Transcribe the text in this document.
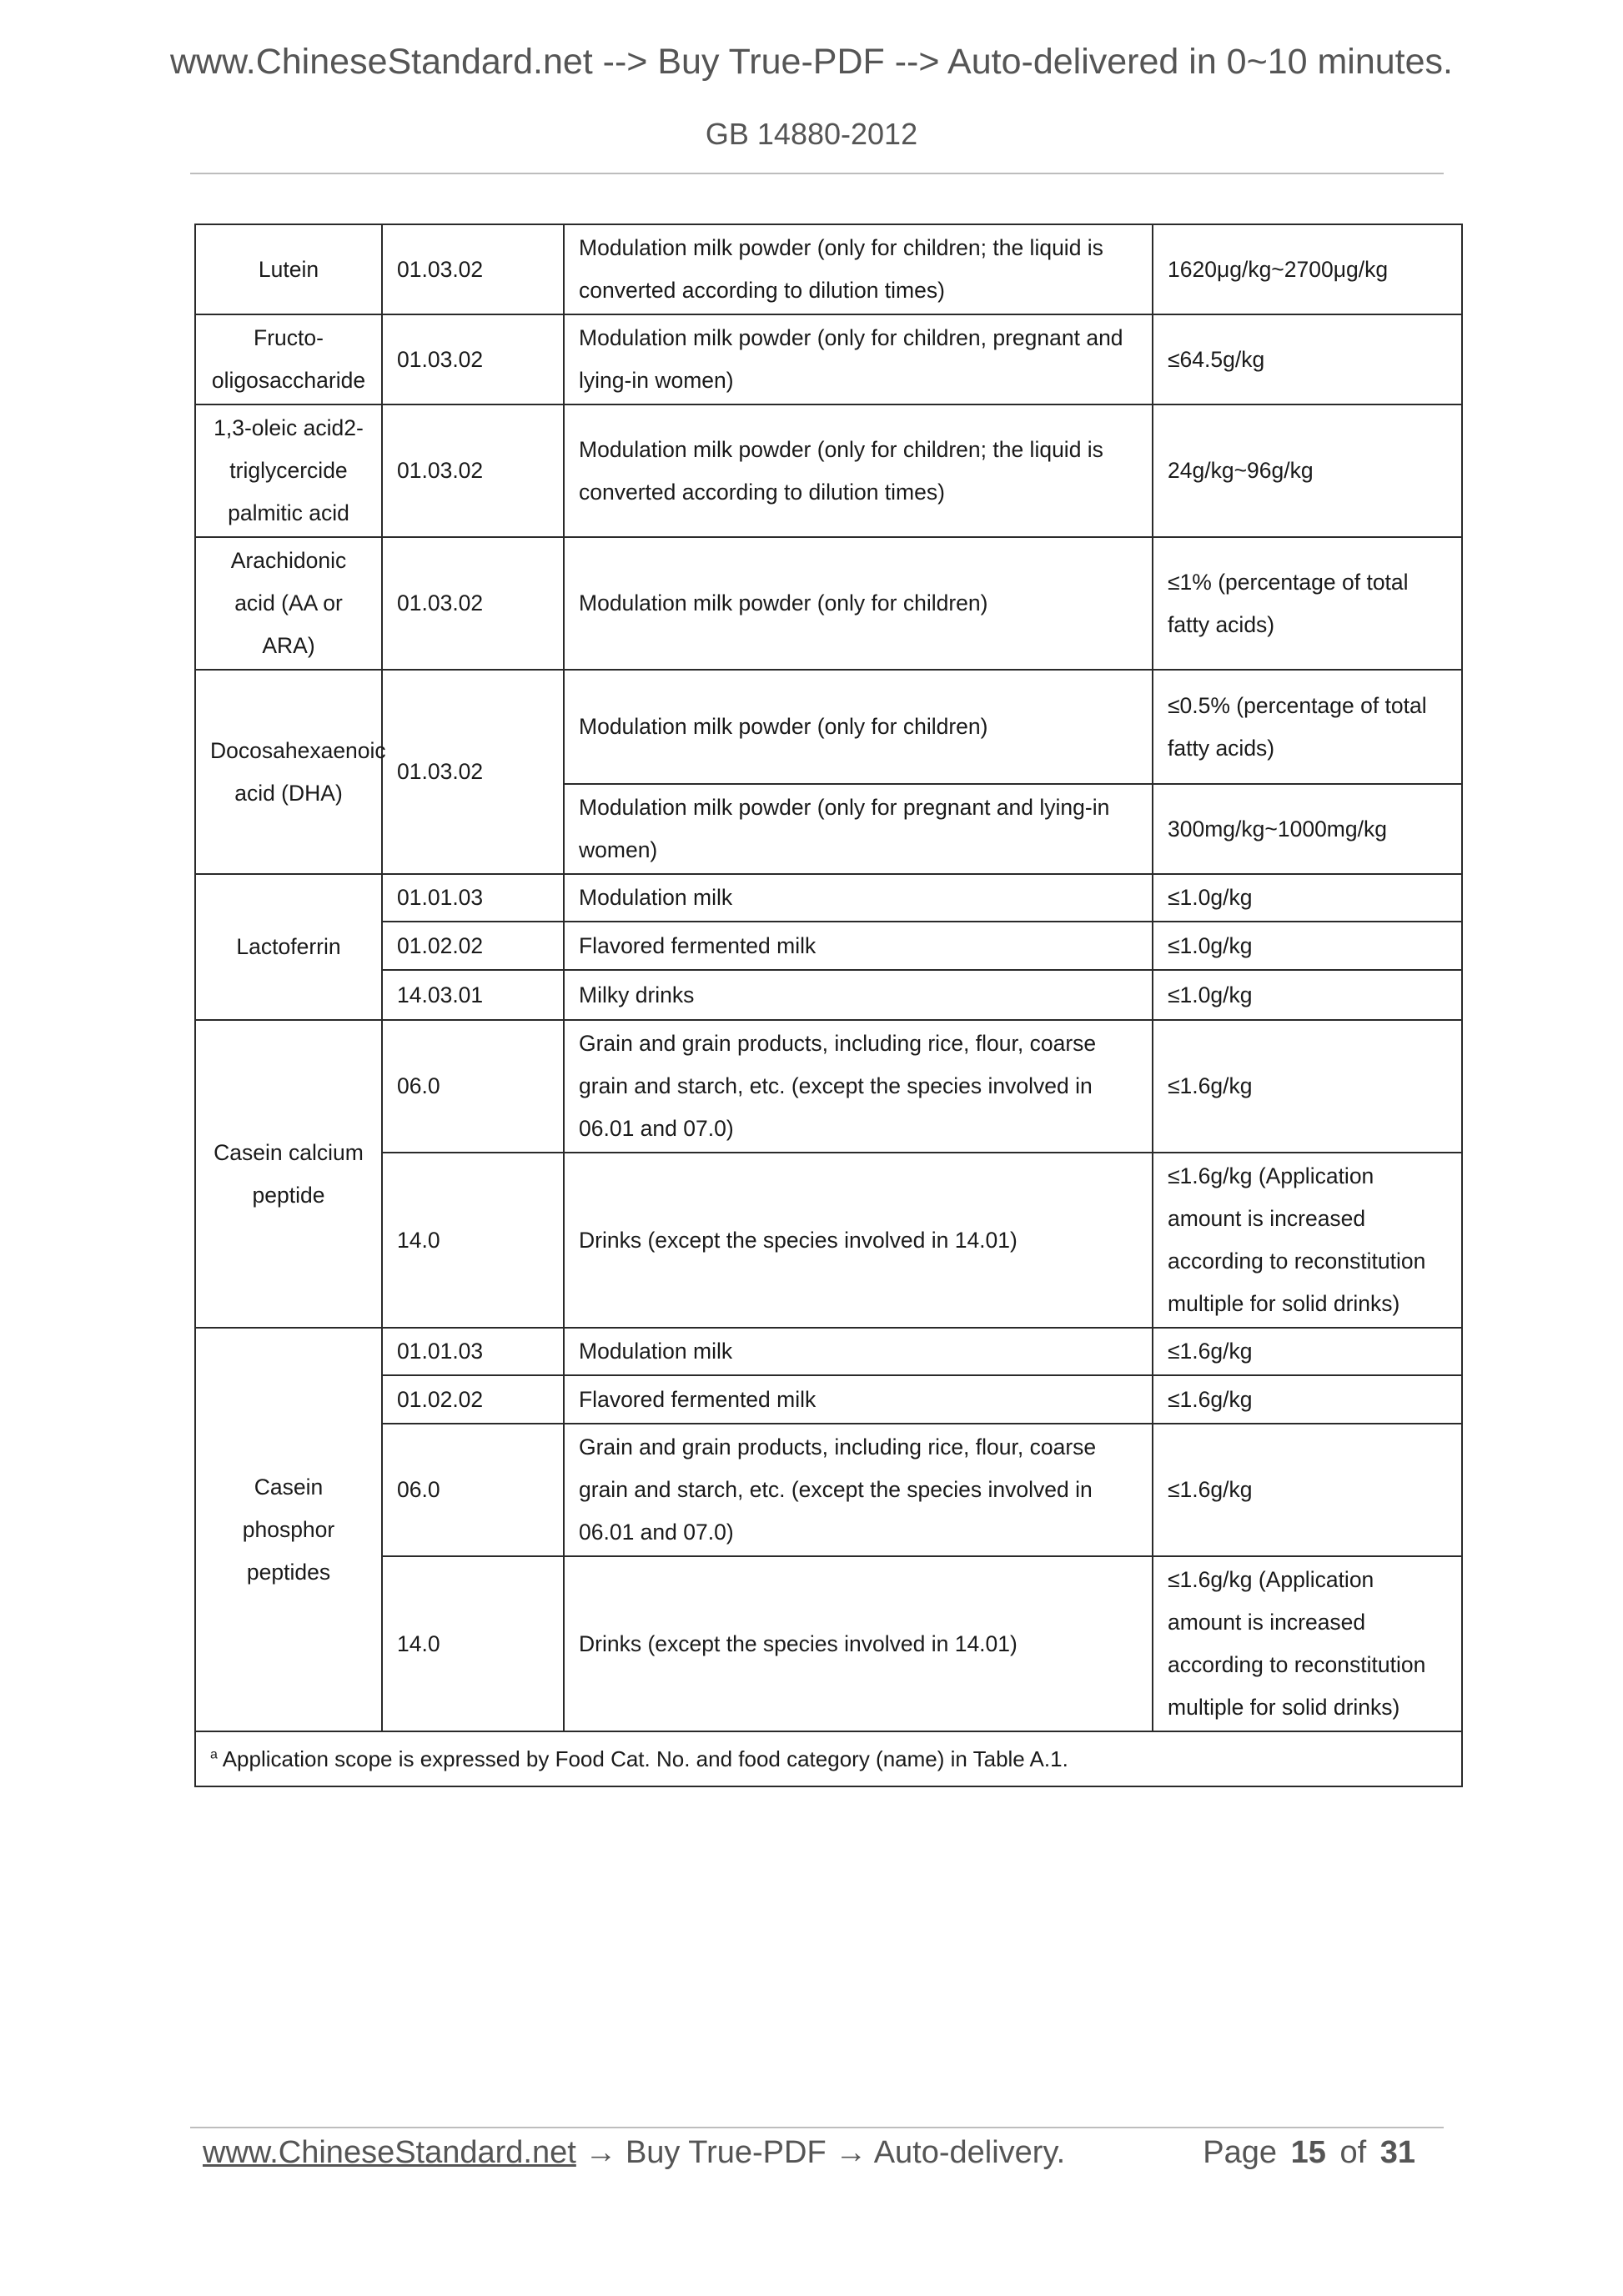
www.ChineseStandard.net --> Buy True-PDF --> Auto-delivered in 0~10 minutes.
GB 14880-2012
Lutein	01.03.02	Modulation milk powder (only for children; the liquid is converted according to dilution times)	1620μg/kg~2700μg/kg
Fructo-oligosaccharide	01.03.02	Modulation milk powder (only for children, pregnant and lying-in women)	≤64.5g/kg
1,3-oleic acid2-triglycercide palmitic acid	01.03.02	Modulation milk powder (only for children; the liquid is converted according to dilution times)	24g/kg~96g/kg
Arachidonic acid (AA or ARA)	01.03.02	Modulation milk powder (only for children)	≤1% (percentage of total fatty acids)
Docosahexaenoic acid (DHA)	01.03.02	Modulation milk powder (only for children)	≤0.5% (percentage of total fatty acids)
		Modulation milk powder (only for pregnant and lying-in women)	300mg/kg~1000mg/kg
Lactoferrin	01.01.03	Modulation milk	≤1.0g/kg
	01.02.02	Flavored fermented milk	≤1.0g/kg
	14.03.01	Milky drinks	≤1.0g/kg
Casein calcium peptide	06.0	Grain and grain products, including rice, flour, coarse grain and starch, etc. (except the species involved in 06.01 and 07.0)	≤1.6g/kg
	14.0	Drinks (except the species involved in 14.01)	≤1.6g/kg (Application amount is increased according to reconstitution multiple for solid drinks)
Casein phosphor peptides	01.01.03	Modulation milk	≤1.6g/kg
	01.02.02	Flavored fermented milk	≤1.6g/kg
	06.0	Grain and grain products, including rice, flour, coarse grain and starch, etc. (except the species involved in 06.01 and 07.0)	≤1.6g/kg
	14.0	Drinks (except the species involved in 14.01)	≤1.6g/kg (Application amount is increased according to reconstitution multiple for solid drinks)
$^a$ Application scope is expressed by Food Cat. No. and food category (name) in Table A.1.			
www.ChineseStandard.net → Buy True-PDF → Auto-delivery.	Page 15 of 31
